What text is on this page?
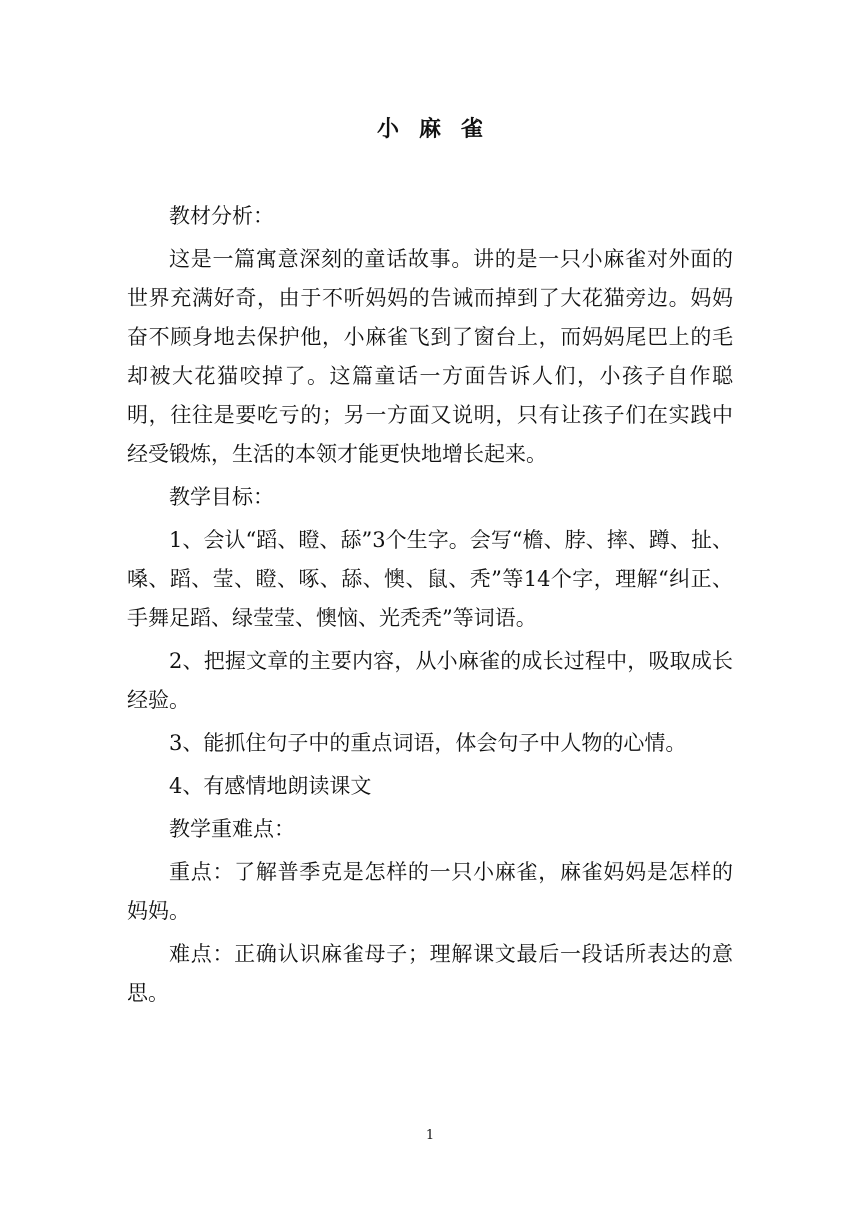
小麻雀

教材分析：

这是一篇寓意深刻的童话故事。讲的是一只小麻雀对外面的世界充满好奇，由于不听妈妈的告诫而掉到了大花猫旁边。妈妈奋不顾身地去保护他，小麻雀飞到了窗台上，而妈妈尾巴上的毛却被大花猫咬掉了。这篇童话一方面告诉人们，小孩子自作聪明，往往是要吃亏的；另一方面又说明，只有让孩子们在实践中经受锻炼，生活的本领才能更快地增长起来。

教学目标：

1、会认“蹈、瞪、舔”3个生字。会写“檐、脖、摔、蹲、扯、嗓、蹈、莹、瞪、啄、舔、懊、鼠、秃”等14个字，理解“纠正、手舞足蹈、绿莹莹、懊恼、光秃秃”等词语。

2、把握文章的主要内容，从小麻雀的成长过程中，吸取成长经验。

3、能抓住句子中的重点词语，体会句子中人物的心情。

4、有感情地朗读课文

教学重难点：

重点：了解普季克是怎样的一只小麻雀，麻雀妈妈是怎样的妈妈。

难点：正确认识麻雀母子；理解课文最后一段话所表达的意思。

1
